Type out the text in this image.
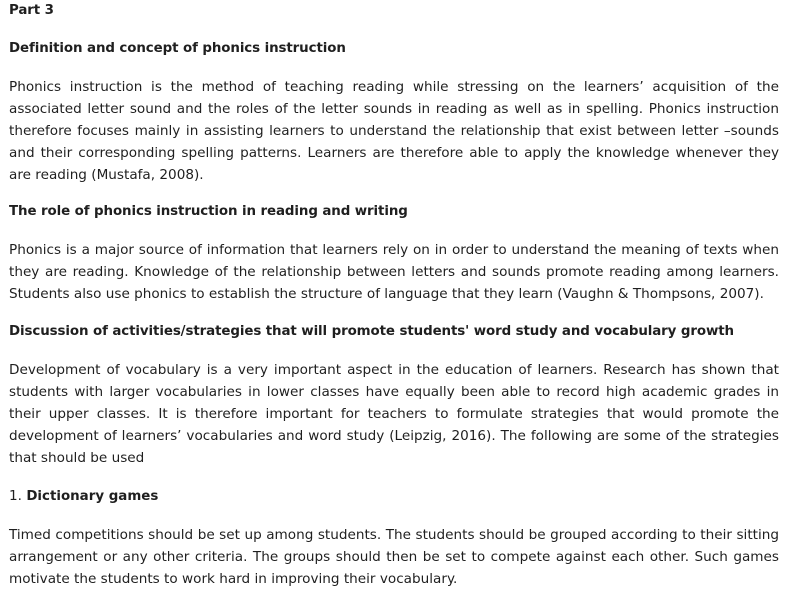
Part 3

Definition and concept of phonics instruction

Phonics instruction is the method of teaching reading while stressing on the learners’ acquisition of the associated letter sound and the roles of the letter sounds in reading as well as in spelling. Phonics instruction therefore focuses mainly in assisting learners to understand the relationship that exist between letter –sounds and their corresponding spelling patterns. Learners are therefore able to apply the knowledge whenever they are reading (Mustafa, 2008).

The role of phonics instruction in reading and writing

Phonics is a major source of information that learners rely on in order to understand the meaning of texts when they are reading. Knowledge of the relationship between letters and sounds promote reading among learners. Students also use phonics to establish the structure of language that they learn (Vaughn & Thompsons, 2007).

Discussion of activities/strategies that will promote students' word study and vocabulary growth

Development of vocabulary is a very important aspect in the education of learners. Research has shown that students with larger vocabularies in lower classes have equally been able to record high academic grades in their upper classes. It is therefore important for teachers to formulate strategies that would promote the development of learners’ vocabularies and word study (Leipzig, 2016). The following are some of the strategies that should be used

1. Dictionary games

Timed competitions should be set up among students. The students should be grouped according to their sitting arrangement or any other criteria. The groups should then be set to compete against each other. Such games motivate the students to work hard in improving their vocabulary.
